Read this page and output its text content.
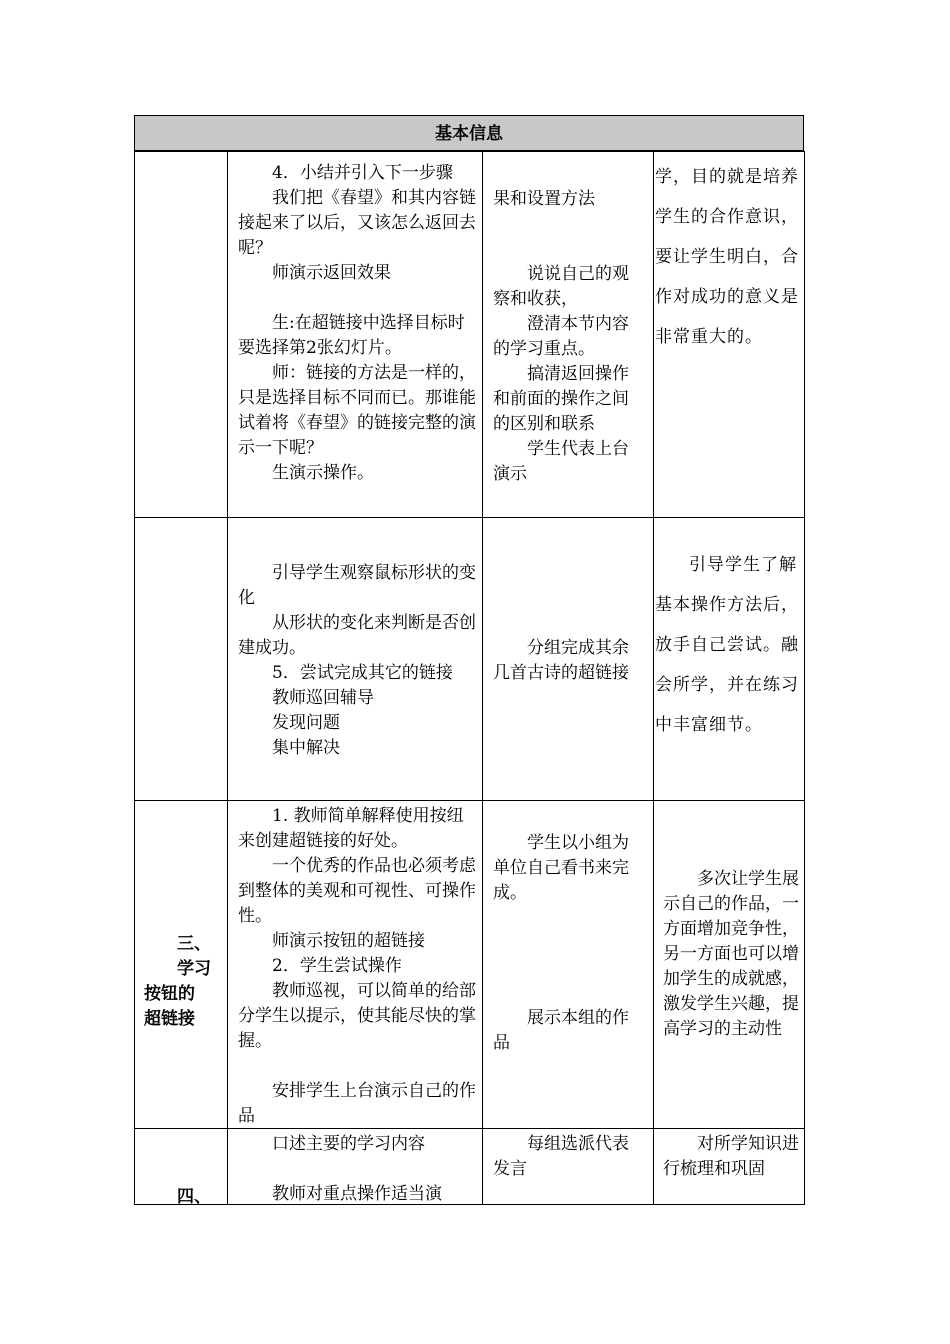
基本信息

4．小结并引入下一步骤

我们把《春望》和其内容链接起来了以后，又该怎么返回去呢？

师演示返回效果

生:在超链接中选择目标时要选择第2张幻灯片。

师：链接的方法是一样的，只是选择目标不同而已。那谁能试着将《春望》的链接完整的演示一下呢？

生演示操作。

果和设置方法

说说自己的观察和收获，

澄清本节内容的学习重点。

搞清返回操作和前面的操作之间的区别和联系

学生代表上台演示

学，目的就是培养学生的合作意识，要让学生明白，合作对成功的意义是非常重大的。

引导学生观察鼠标形状的变化

从形状的变化来判断是否创建成功。

5．尝试完成其它的链接

教师巡回辅导

发现问题

集中解决

分组完成其余几首古诗的超链接

引导学生了解基本操作方法后，放手自己尝试。融会所学，并在练习中丰富细节。

三、

学习

按钮的

超链接

1. 教师简单解释使用按纽来创建超链接的好处。

一个优秀的作品也必须考虑到整体的美观和可视性、可操作性。

师演示按钮的超链接

2．学生尝试操作

教师巡视，可以简单的给部分学生以提示，使其能尽快的掌握。

安排学生上台演示自己的作品

学生以小组为单位自己看书来完成。

展示本组的作品

多次让学生展示自己的作品，一方面增加竞争性，另一方面也可以增加学生的成就感，激发学生兴趣，提高学习的主动性

四、

口述主要的学习内容

教师对重点操作适当演

每组选派代表发言

对所学知识进行梳理和巩固
